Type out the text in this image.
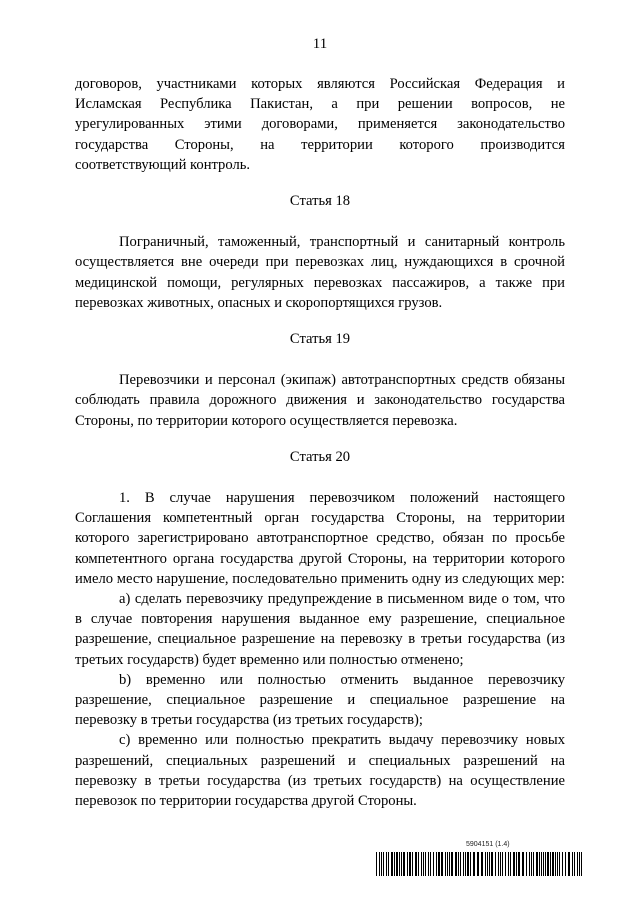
11

договоров, участниками которых являются Российская Федерация и Исламская Республика Пакистан, а при решении вопросов, не урегулированных этими договорами, применяется законодательство государства Стороны, на территории которого производится соответствующий контроль.

Статья 18

Пограничный, таможенный, транспортный и санитарный контроль осуществляется вне очереди при перевозках лиц, нуждающихся в срочной медицинской помощи, регулярных перевозках пассажиров, а также при перевозках животных, опасных и скоропортящихся грузов.

Статья 19

Перевозчики и персонал (экипаж) автотранспортных средств обязаны соблюдать правила дорожного движения и законодательство государства Стороны, по территории которого осуществляется перевозка.

Статья 20

1. В случае нарушения перевозчиком положений настоящего Соглашения компетентный орган государства Стороны, на территории которого зарегистрировано автотранспортное средство, обязан по просьбе компетентного органа государства другой Стороны, на территории которого имело место нарушение, последовательно применить одну из следующих мер:

a) сделать перевозчику предупреждение в письменном виде о том, что в случае повторения нарушения выданное ему разрешение, специальное разрешение, специальное разрешение на перевозку в третьи государства (из третьих государств) будет временно или полностью отменено;

b) временно или полностью отменить выданное перевозчику разрешение, специальное разрешение и специальное разрешение на перевозку в третьи государства (из третьих государств);

c) временно или полностью прекратить выдачу перевозчику новых разрешений, специальных разрешений и специальных разрешений на перевозку в третьи государства (из третьих государств) на осуществление перевозок по территории государства другой Стороны.

5904151 (1.4)
